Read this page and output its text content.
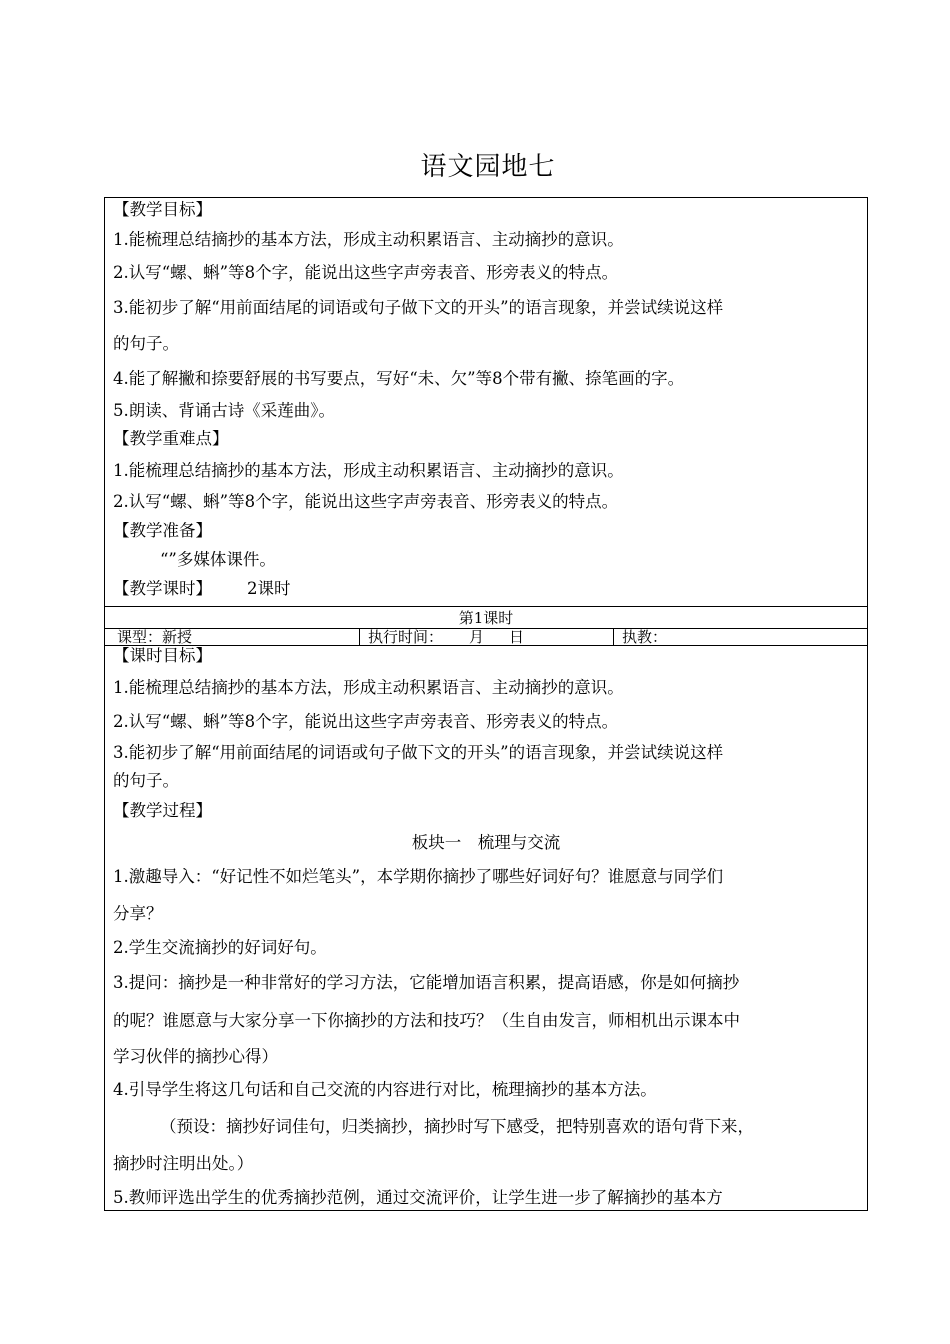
语文园地七
【教学目标】
1.能梳理总结摘抄的基本方法，形成主动积累语言、主动摘抄的意识。
2.认写“螺、蝌”等8个字，能说出这些字声旁表音、形旁表义的特点。
3.能初步了解“用前面结尾的词语或句子做下文的开头”的语言现象，并尝试续说这样
的句子。
4.能了解撇和捺要舒展的书写要点，写好“未、欠”等8个带有撇、捺笔画的字。
5.朗读、背诵古诗《采莲曲》。
【教学重难点】
1.能梳理总结摘抄的基本方法，形成主动积累语言、主动摘抄的意识。
2.认写“螺、蝌”等8个字，能说出这些字声旁表音、形旁表义的特点。
【教学准备】
“”多媒体课件。
【教学课时】 2课时
第1课时
课型：新授	执行时间： 月 日	执教：
【课时目标】
1.能梳理总结摘抄的基本方法，形成主动积累语言、主动摘抄的意识。
2.认写“螺、蝌”等8个字，能说出这些字声旁表音、形旁表义的特点。
3.能初步了解“用前面结尾的词语或句子做下文的开头”的语言现象，并尝试续说这样
的句子。
【教学过程】
板块一　梳理与交流
1.激趣导入：“好记性不如烂笔头”，本学期你摘抄了哪些好词好句？谁愿意与同学们
分享？
2.学生交流摘抄的好词好句。
3.提问：摘抄是一种非常好的学习方法，它能增加语言积累，提高语感，你是如何摘抄
的呢？谁愿意与大家分享一下你摘抄的方法和技巧？（生自由发言，师相机出示课本中
学习伙伴的摘抄心得）
4.引导学生将这几句话和自己交流的内容进行对比，梳理摘抄的基本方法。
（预设：摘抄好词佳句，归类摘抄，摘抄时写下感受，把特别喜欢的语句背下来，
摘抄时注明出处。）
5.教师评选出学生的优秀摘抄范例，通过交流评价，让学生进一步了解摘抄的基本方
